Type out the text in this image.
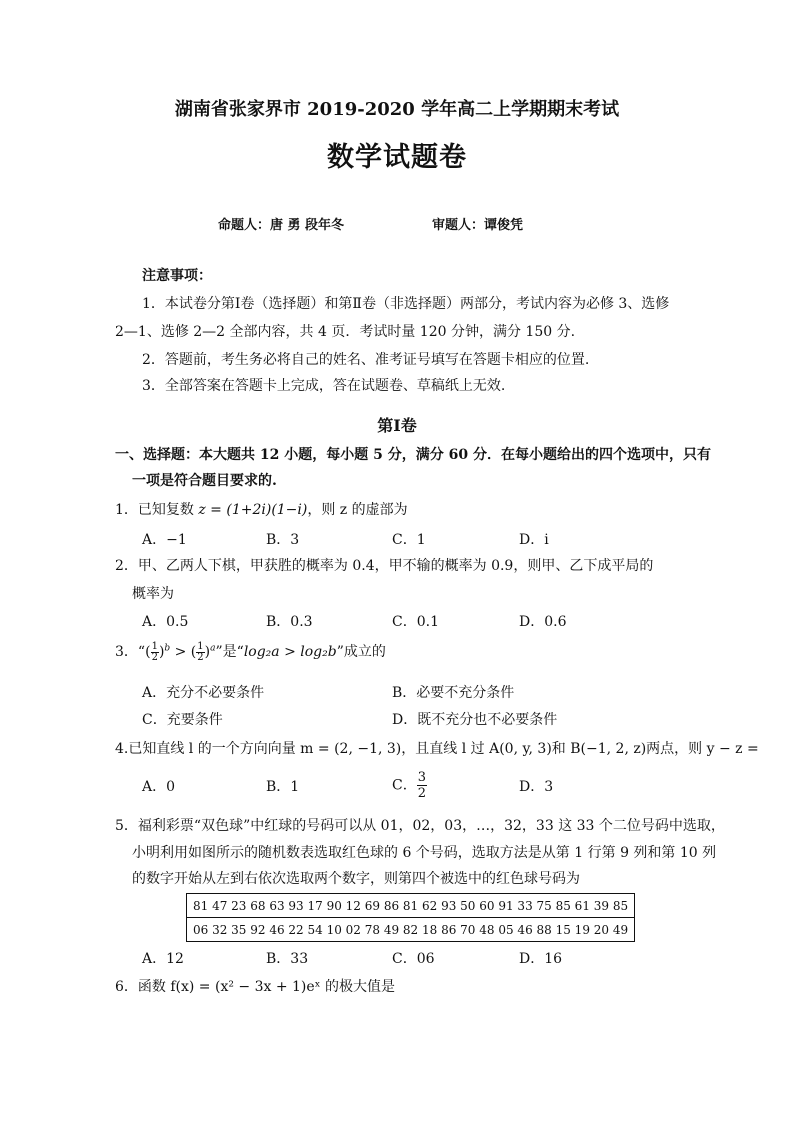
湖南省张家界市 2019-2020 学年高二上学期期末考试
数学试题卷
命题人：唐 勇 段年冬	审题人：谭俊凭
注意事项：
1．本试卷分第Ⅰ卷（选择题）和第Ⅱ卷（非选择题）两部分，考试内容为必修 3、选修
2—1、选修 2—2 全部内容，共 4 页．考试时量 120 分钟，满分 150 分.
2．答题前，考生务必将自己的姓名、准考证号填写在答题卡相应的位置.
3．全部答案在答题卡上完成，答在试题卷、草稿纸上无效.
第Ⅰ卷
一、选择题：本大题共 12 小题，每小题 5 分，满分 60 分．在每小题给出的四个选项中，只有
一项是符合题目要求的.
1．已知复数 z = (1+2i)(1−i)，则 z 的虚部为
A．−1	B．3	C．1	D．i
2．甲、乙两人下棋，甲获胜的概率为 0.4，甲不输的概率为 0.9，则甲、乙下成平局的
概率为
A．0.5	B．0.3	C．0.1	D．0.6
3．“( $\frac{1}{2} )^b$ > ( $\frac{1}{2} )^a$”是“log₂a > log₂b”成立的
A．充分不必要条件	B．必要不充分条件
C．充要条件	D．既不充分也不必要条件
4.已知直线 l 的一个方向向量 m = (2, −1, 3)，且直线 l 过 A(0, y, 3)和 B(−1, 2, z)两点，则 y − z =
A．0	B．1	C． $\frac{3}{2}$	D．3
5．福利彩票“双色球”中红球的号码可以从 01，02，03，…，32，33 这 33 个二位号码中选取，
小明利用如图所示的随机数表选取红色球的 6 个号码，选取方法是从第 1 行第 9 列和第 10 列
的数字开始从左到右依次选取两个数字，则第四个被选中的红色球号码为
81 47 23 68 63 93 17 90 12 69 86 81 62 93 50 60 91 33 75 85 61 39 85
06 32 35 92 46 22 54 10 02 78 49 82 18 86 70 48 05 46 88 15 19 20 49
A．12	B．33	C．06	D．16
6．函数 f(x) = (x² − 3x + 1)eˣ 的极大值是
